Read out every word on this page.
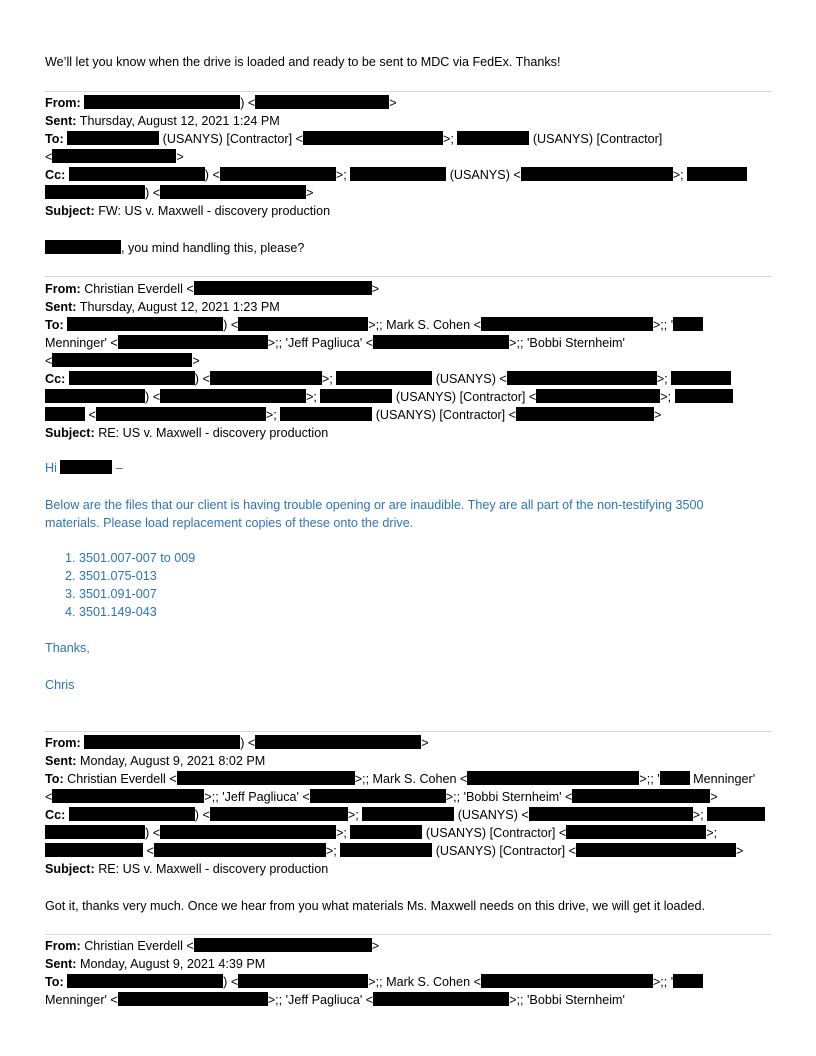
We’ll let you know when the drive is loaded and ready to be sent to MDC via FedEx. Thanks!
From:	) <	>
Sent: Thursday, August 12, 2021 1:24 PM
To:	(USANYS) [Contractor] <	>;	(USANYS) [Contractor]
<	>
Cc:	) <	>;	(USANYS) <	>;
) <	>
Subject: FW: US v. Maxwell - discovery production
, you mind handling this, please?
From: Christian Everdell <	>
Sent: Thursday, August 12, 2021 1:23 PM
To:	) <	>;; Mark S. Cohen <	>;; '
Menninger' <	>;; 'Jeff Pagliuca' <	>;; 'Bobbi Sternheim'
<	>
Cc:	) <	>;	(USANYS) <	>;
) <	>;	(USANYS) [Contractor] <	>;
<	>;	(USANYS) [Contractor] <	>
Subject: RE: US v. Maxwell - discovery production
Hi	–
Below are the files that our client is having trouble opening or are inaudible. They are all part of the non-testifying 3500
materials. Please load replacement copies of these onto the drive.
1. 3501.007-007 to 009
2. 3501.075-013
3. 3501.091-007
4. 3501.149-043
Thanks,
Chris
From:	) <	>
Sent: Monday, August 9, 2021 8:02 PM
To: Christian Everdell <	>;; Mark S. Cohen <	>;; ' Menninger'
<	>;; 'Jeff Pagliuca' <	>;; 'Bobbi Sternheim' <	>
Cc:	) <	>;	(USANYS) <	>;
) <	>;	(USANYS) [Contractor] <	>;
<	>;	(USANYS) [Contractor] <	>
Subject: RE: US v. Maxwell - discovery production
Got it, thanks very much. Once we hear from you what materials Ms. Maxwell needs on this drive, we will get it loaded.
From: Christian Everdell <	>
Sent: Monday, August 9, 2021 4:39 PM
To:	) <	>;; Mark S. Cohen <	>;; '
Menninger' <	>;; 'Jeff Pagliuca' <	>;; 'Bobbi Sternheim'
